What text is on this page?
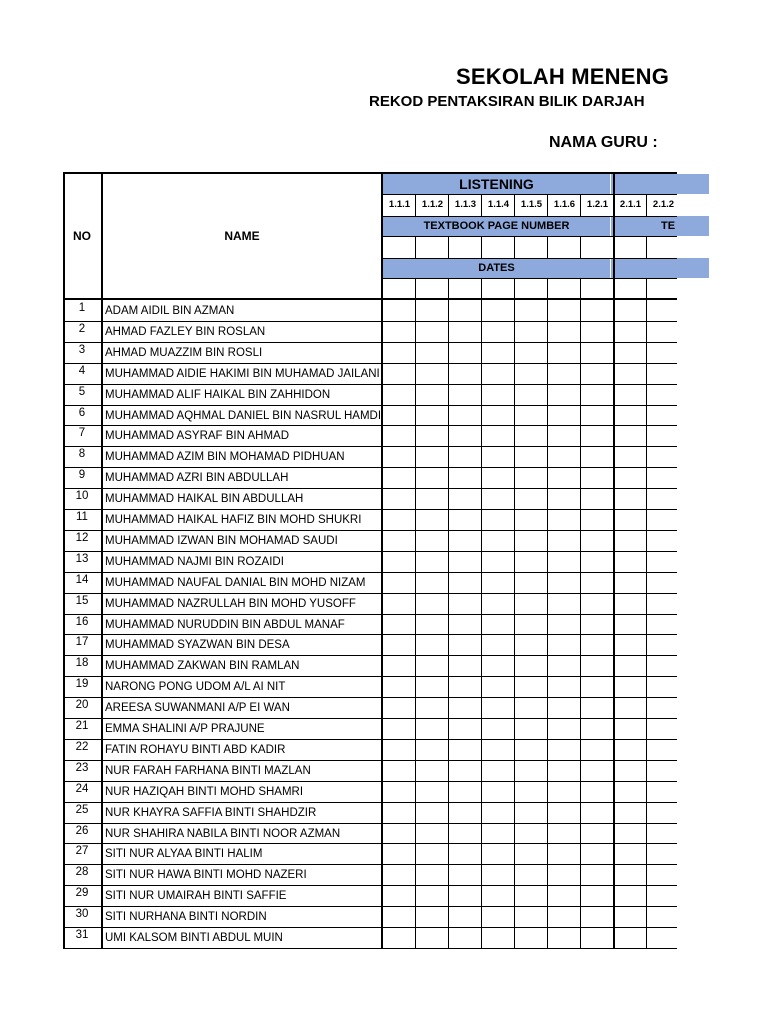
SEKOLAH MENENG
REKOD PENTAKSIRAN BILIK DARJAH
NAMA GURU :
LISTENING
TEXTBOOK PAGE NUMBER	TE
DATES
NO	NAME
1.1.1	1.1.2	1.1.3	1.1.4	1.1.5	1.1.6	1.2.1	2.1.1	2.1.2
1	ADAM AIDIL BIN AZMAN
2	AHMAD FAZLEY BIN ROSLAN
3	AHMAD MUAZZIM BIN ROSLI
4	MUHAMMAD AIDIE HAKIMI BIN MUHAMAD JAILANI
5	MUHAMMAD ALIF HAIKAL BIN ZAHHIDON
6	MUHAMMAD AQHMAL DANIEL BIN NASRUL HAMDI
7	MUHAMMAD ASYRAF BIN AHMAD
8	MUHAMMAD AZIM BIN MOHAMAD PIDHUAN
9	MUHAMMAD AZRI BIN ABDULLAH
10	MUHAMMAD HAIKAL BIN ABDULLAH
11	MUHAMMAD HAIKAL HAFIZ BIN MOHD SHUKRI
12	MUHAMMAD IZWAN BIN MOHAMAD SAUDI
13	MUHAMMAD NAJMI BIN ROZAIDI
14	MUHAMMAD NAUFAL DANIAL BIN MOHD NIZAM
15	MUHAMMAD NAZRULLAH BIN MOHD YUSOFF
16	MUHAMMAD NURUDDIN BIN ABDUL MANAF
17	MUHAMMAD SYAZWAN BIN DESA
18	MUHAMMAD ZAKWAN BIN RAMLAN
19	NARONG PONG UDOM A/L AI NIT
20	AREESA SUWANMANI A/P EI WAN
21	EMMA SHALINI A/P PRAJUNE
22	FATIN ROHAYU BINTI ABD KADIR
23	NUR FARAH FARHANA BINTI MAZLAN
24	NUR HAZIQAH BINTI MOHD SHAMRI
25	NUR KHAYRA SAFFIA BINTI SHAHDZIR
26	NUR SHAHIRA NABILA BINTI NOOR AZMAN
27	SITI NUR ALYAA BINTI HALIM
28	SITI NUR HAWA BINTI MOHD NAZERI
29	SITI NUR UMAIRAH BINTI SAFFIE
30	SITI NURHANA BINTI NORDIN
31	UMI KALSOM BINTI ABDUL MUIN
